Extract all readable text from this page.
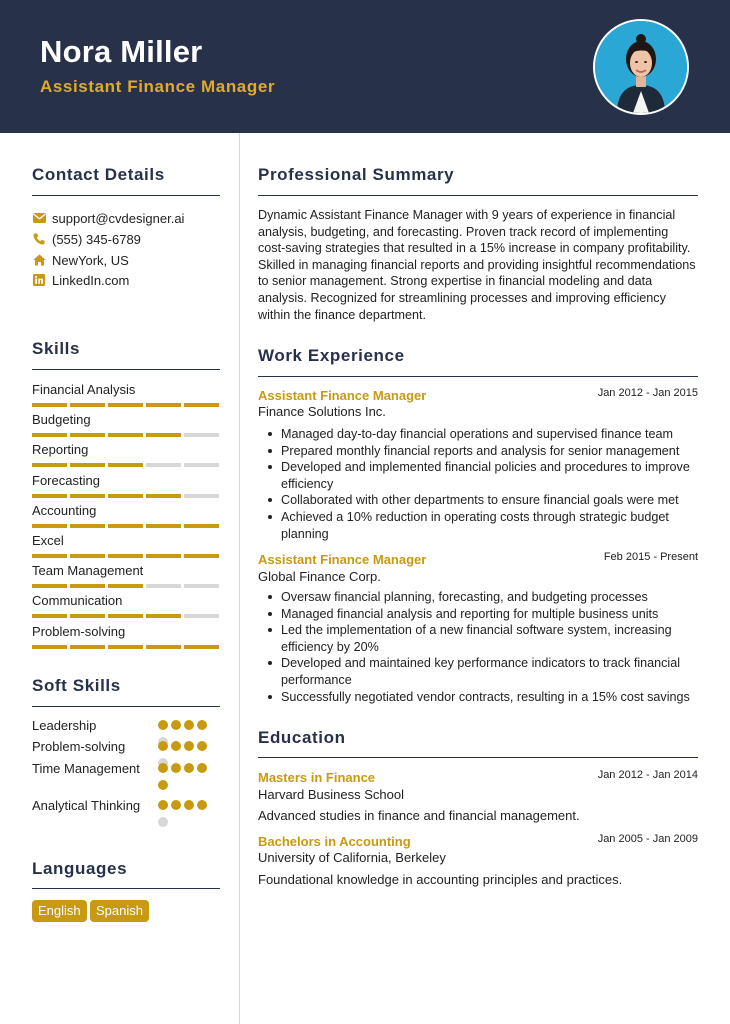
Nora Miller
Assistant Finance Manager
Contact Details
support@cvdesigner.ai
(555) 345-6789
NewYork, US
LinkedIn.com
Skills
Financial Analysis
Budgeting
Reporting
Forecasting
Accounting
Excel
Team Management
Communication
Problem-solving
Soft Skills
Leadership
Problem-solving
Time Management
Analytical Thinking
Languages
English	Spanish
Professional Summary
Dynamic Assistant Finance Manager with 9 years of experience in financial analysis, budgeting, and forecasting. Proven track record of implementing cost-saving strategies that resulted in a 15% increase in company profitability. Skilled in managing financial reports and providing insightful recommendations to senior management. Strong expertise in financial modeling and data analysis. Recognized for streamlining processes and improving efficiency within the finance department.
Work Experience
Assistant Finance Manager	Jan 2012 - Jan 2015
Finance Solutions Inc.
Managed day-to-day financial operations and supervised finance team
Prepared monthly financial reports and analysis for senior management
Developed and implemented financial policies and procedures to improve efficiency
Collaborated with other departments to ensure financial goals were met
Achieved a 10% reduction in operating costs through strategic budget planning
Assistant Finance Manager	Feb 2015 - Present
Global Finance Corp.
Oversaw financial planning, forecasting, and budgeting processes
Managed financial analysis and reporting for multiple business units
Led the implementation of a new financial software system, increasing efficiency by 20%
Developed and maintained key performance indicators to track financial performance
Successfully negotiated vendor contracts, resulting in a 15% cost savings
Education
Masters in Finance	Jan 2012 - Jan 2014
Harvard Business School
Advanced studies in finance and financial management.
Bachelors in Accounting	Jan 2005 - Jan 2009
University of California, Berkeley
Foundational knowledge in accounting principles and practices.
